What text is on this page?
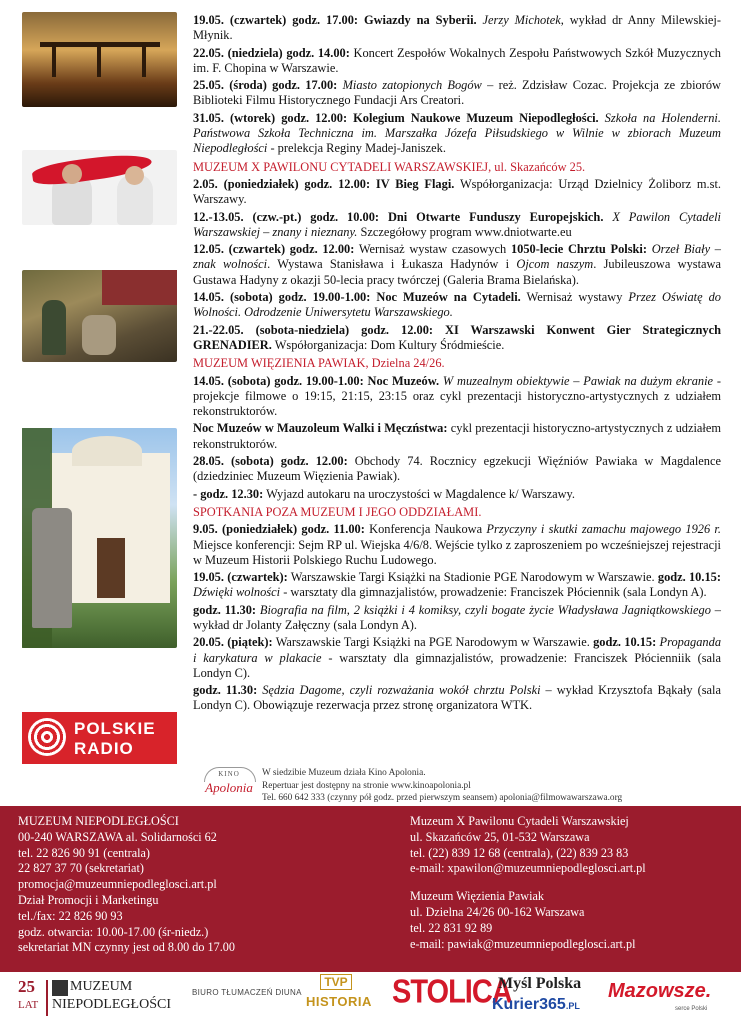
POLSKIE
RADIO

19.05. (czwartek) godz. 17.00: Gwiazdy na Syberii. Jerzy Michotek, wykład dr Anny Milewskiej-Młynik.

22.05. (niedziela) godz. 14.00: Koncert Zespołów Wokalnych Zespołu Państwowych Szkół Muzycznych im. F. Chopina w Warszawie.

25.05. (środa) godz. 17.00: Miasto zatopionych Bogów – reż. Zdzisław Cozac. Projekcja ze zbiorów Biblioteki Filmu Historycznego Fundacji Ars Creatori.

31.05. (wtorek) godz. 12.00: Kolegium Naukowe Muzeum Niepodległości. Szkoła na Holenderni. Państwowa Szkoła Techniczna im. Marszałka Józefa Piłsudskiego w Wilnie w zbiorach Muzeum Niepodległości - prelekcja Reginy Madej-Janiszek.

MUZEUM X PAWILONU CYTADELI WARSZAWSKIEJ, ul. Skazańców 25.

2.05. (poniedziałek) godz. 12.00: IV Bieg Flagi. Współorganizacja: Urząd Dzielnicy Żoliborz m.st. Warszawy.

12.-13.05. (czw.-pt.) godz. 10.00: Dni Otwarte Funduszy Europejskich. X Pawilon Cytadeli Warszawskiej – znany i nieznany. Szczegółowy program www.dniotwarte.eu

12.05. (czwartek) godz. 12.00: Wernisaż wystaw czasowych 1050-lecie Chrztu Polski: Orzeł Biały – znak wolności. Wystawa Stanisława i Łukasza Hadynów i Ojcom naszym. Jubileuszowa wystawa Gustawa Hadyny z okazji 50-lecia pracy twórczej (Galeria Brama Bielańska).

14.05. (sobota) godz. 19.00-1.00: Noc Muzeów na Cytadeli. Wernisaż wystawy Przez Oświatę do Wolności. Odrodzenie Uniwersytetu Warszawskiego.

21.-22.05. (sobota-niedziela) godz. 12.00: XI Warszawski Konwent Gier Strategicznych GRENADIER. Współorganizacja: Dom Kultury Śródmieście.

MUZEUM WIĘZIENIA PAWIAK, Dzielna 24/26.

14.05. (sobota) godz. 19.00-1.00: Noc Muzeów. W muzealnym obiektywie – Pawiak na dużym ekranie - projekcje filmowe o 19:15, 21:15, 23:15 oraz cykl prezentacji historyczno-artystycznych z udziałem rekonstruktorów.

Noc Muzeów w Mauzoleum Walki i Męczństwa: cykl prezentacji historyczno-artystycznych z udziałem rekonstruktorów.

28.05. (sobota) godz. 12.00: Obchody 74. Rocznicy egzekucji Więźniów Pawiaka w Magdalence (dziedziniec Muzeum Więzienia Pawiak).

- godz. 12.30: Wyjazd autokaru na uroczystości w Magdalence k/ Warszawy.

SPOTKANIA POZA MUZEUM I JEGO ODDZIAŁAMI.

9.05. (poniedziałek) godz. 11.00: Konferencja Naukowa Przyczyny i skutki zamachu majowego 1926 r. Miejsce konferencji: Sejm RP ul. Wiejska 4/6/8. Wejście tylko z zaproszeniem po wcześniejszej rejestracji w Muzeum Historii Polskiego Ruchu Ludowego.

19.05. (czwartek): Warszawskie Targi Książki na Stadionie PGE Narodowym w Warszawie. godz. 10.15: Dźwięki wolności - warsztaty dla gimnazjalistów, prowadzenie: Franciszek Płóciennik (sala Londyn A).

godz. 11.30: Biografia na film, 2 książki i 4 komiksy, czyli bogate życie Władysława Jagniątkowskiego – wykład dr Jolanty Załęczny (sala Londyn A).

20.05. (piątek): Warszawskie Targi Książki na PGE Narodowym w Warszawie. godz. 10.15: Propaganda i karykatura w plakacie - warsztaty dla gimnazjalistów, prowadzenie: Franciszek Płócienniik (sala Londyn C).

godz. 11.30: Sędzia Dagome, czyli rozważania wokół chrztu Polski – wykład Krzysztofa Bąkały (sala Londyn C). Obowiązuje rezerwacja przez stronę organizatora WTK.

KINO
Apolonia
W siedzibie Muzeum działa Kino Apolonia.
Repertuar jest dostępny na stronie www.kinoapolonia.pl
Tel. 660 642 333 (czynny pół godz. przed pierwszym seansem) apolonia@filmowawarszawa.org
MUZEUM NIEPODLEGŁOŚCI
00-240 WARSZAWA al. Solidarności 62
tel. 22 826 90 91 (centrala)
22 827 37 70 (sekretariat)
promocja@muzeumniepodleglosci.art.pl
Dział Promocji i Marketingu
tel./fax: 22 826 90 93
godz. otwarcia: 10.00-17.00 (śr-niedz.)
sekretariat MN czynny jest od 8.00 do 17.00
Muzeum X Pawilonu Cytadeli Warszawskiej
ul. Skazańców 25, 01-532 Warszawa
tel. (22) 839 12 68 (centrala), (22) 839 23 83
e-mail: xpawilon@muzeumniepodleglosci.art.pl
Muzeum Więzienia Pawiak
ul. Dzielna 24/26 00-162 Warszawa
tel. 22 831 92 89
e-mail: pawiak@muzeumniepodleglosci.art.pl
25
LAT
MUZEUM
NIEPODLEGŁOŚCI
BIURO TŁUMACZEŃ DIUNA
TVP
HISTORIA STOLICA
Myśl Polska
Kurier365.PL
Mazowsze.
serce Polski
